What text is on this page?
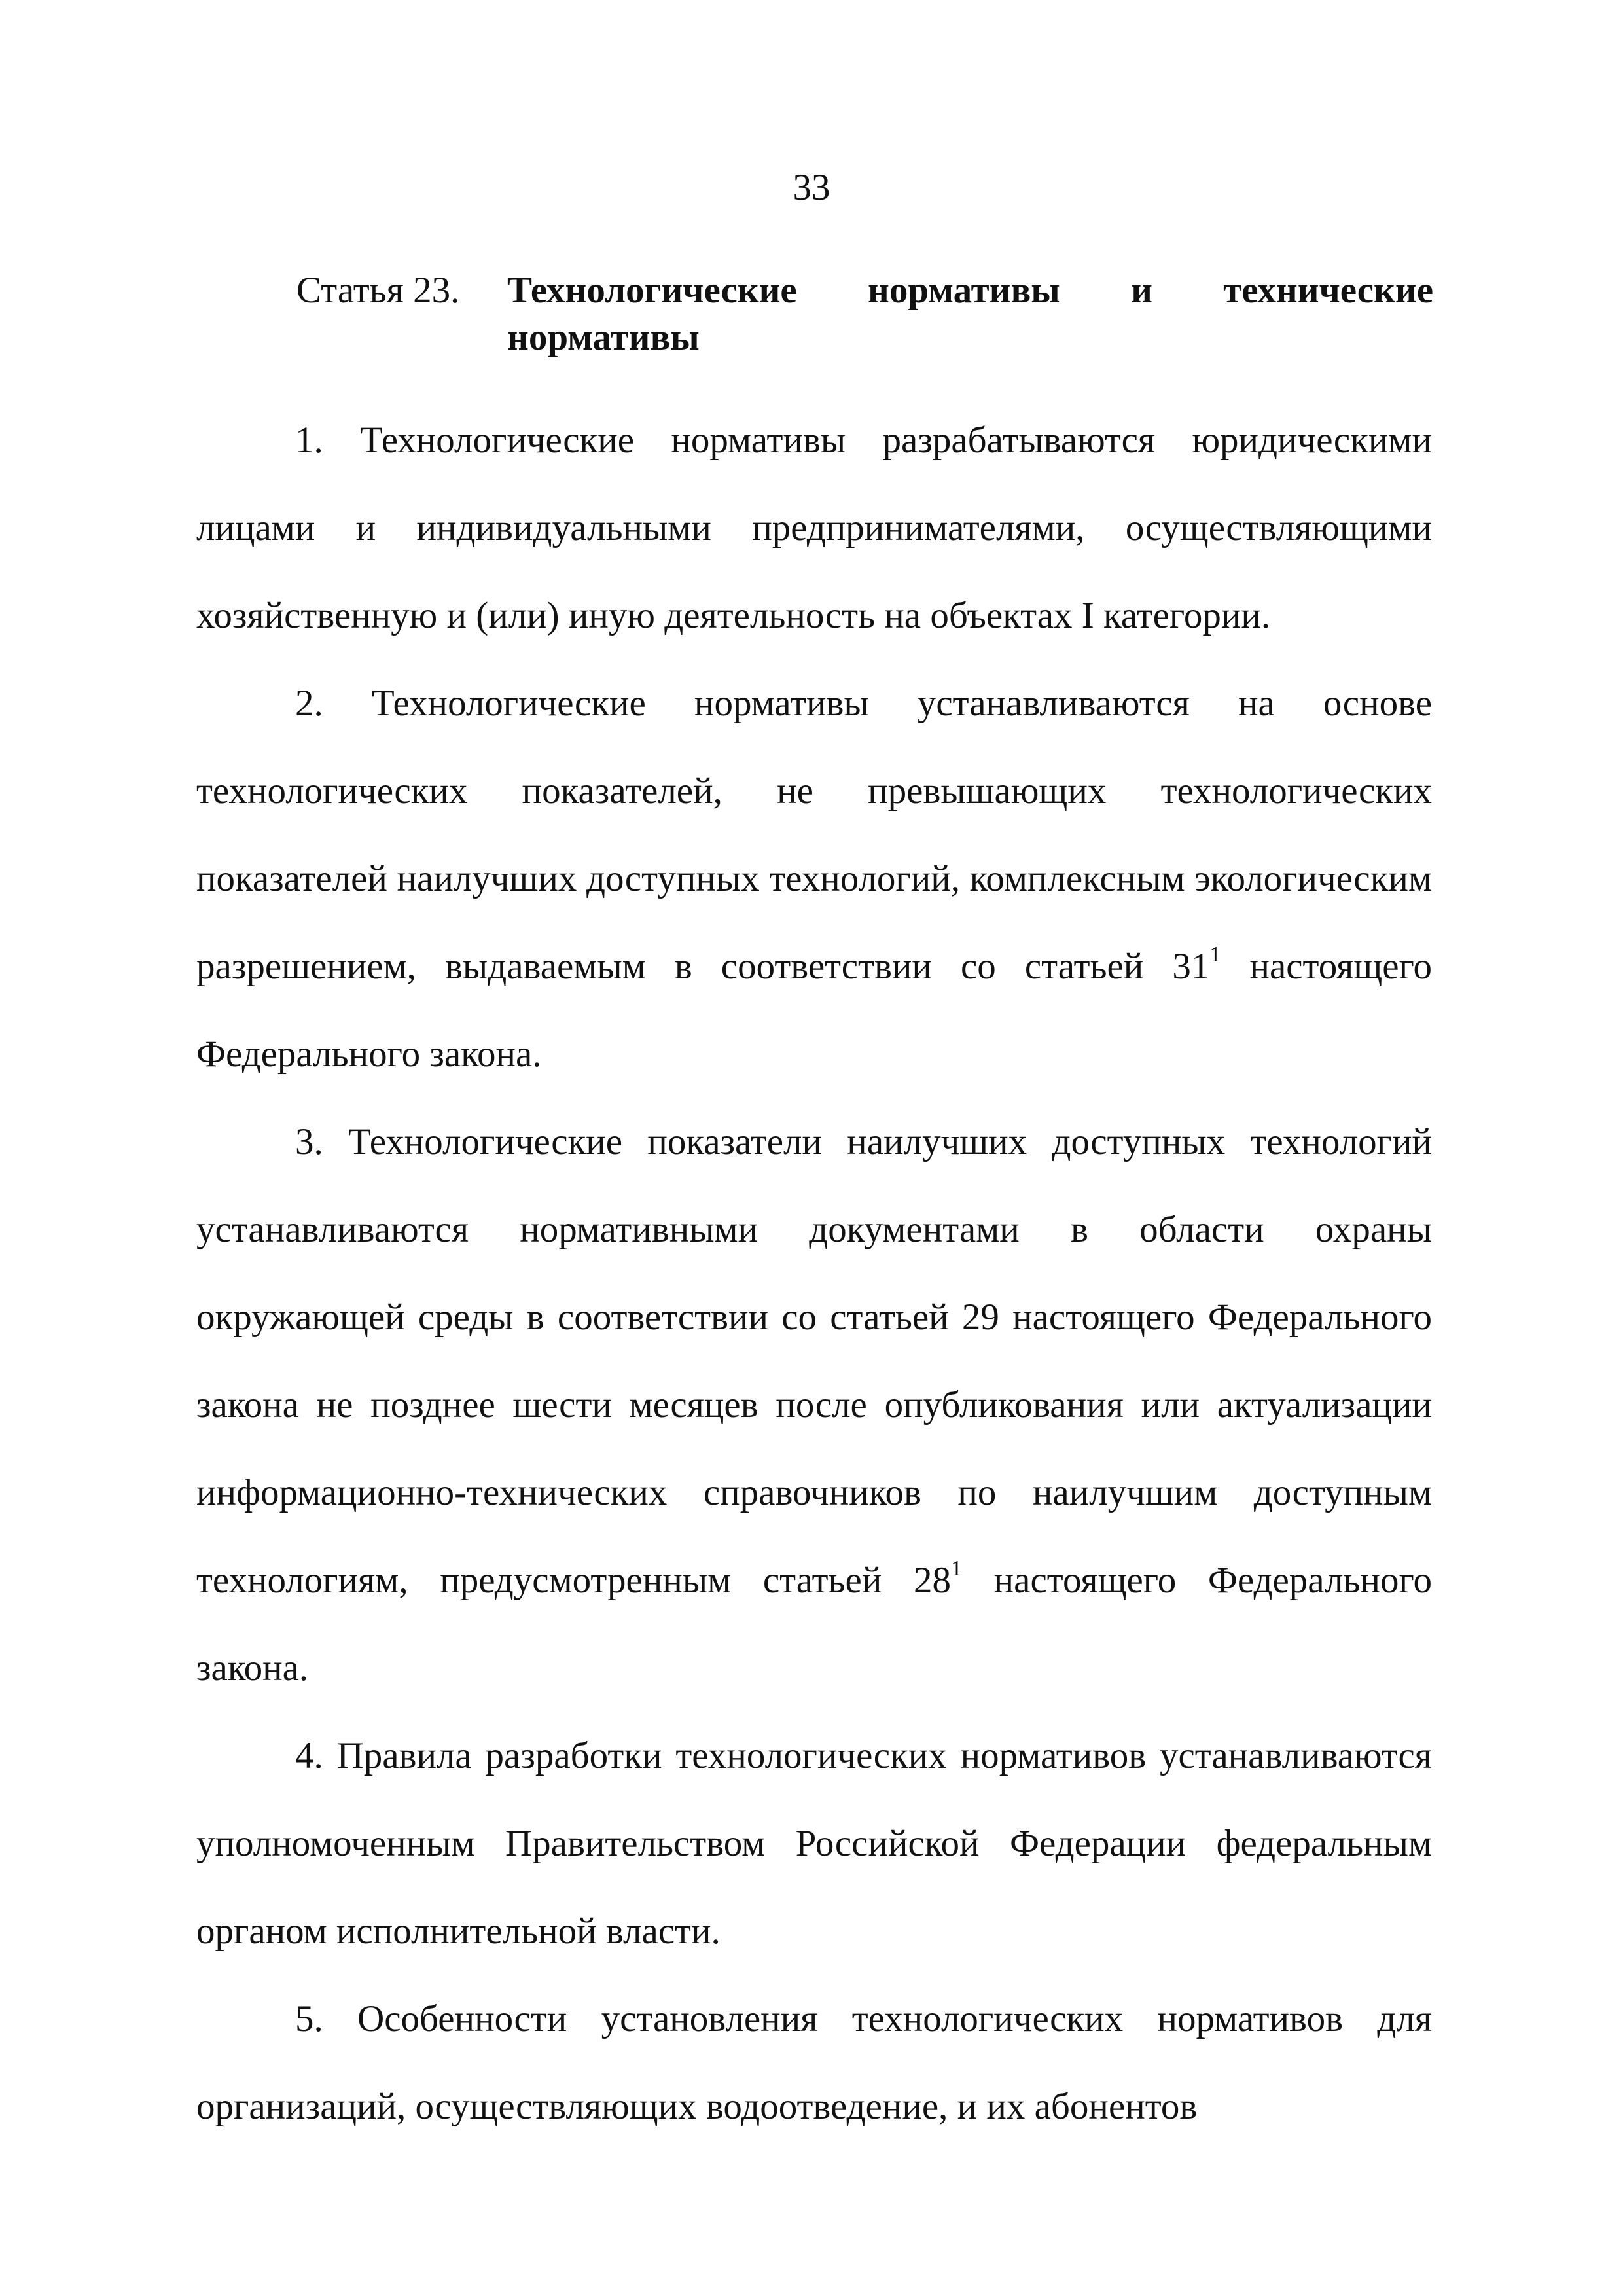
33
Статья 23. Технологические нормативы и технические нормативы

1. Технологические нормативы разрабатываются юридическими лицами и индивидуальными предпринимателями, осуществляющими хозяйственную и (или) иную деятельность на объектах I категории.

2. Технологические нормативы устанавливаются на основе технологических показателей, не превышающих технологических показателей наилучших доступных технологий, комплексным экологическим разрешением, выдаваемым в соответствии со статьей $31^1$ настоящего Федерального закона.

3. Технологические показатели наилучших доступных технологий устанавливаются нормативными документами в области охраны окружающей среды в соответствии со статьей 29 настоящего Федерального закона не позднее шести месяцев после опубликования или актуализации информационно-технических справочников по наилучшим доступным технологиям, предусмотренным статьей $28^1$ настоящего Федерального закона.

4. Правила разработки технологических нормативов устанавливаются уполномоченным Правительством Российской Федерации федеральным органом исполнительной власти.

5. Особенности установления технологических нормативов для организаций, осуществляющих водоотведение, и их абонентов
